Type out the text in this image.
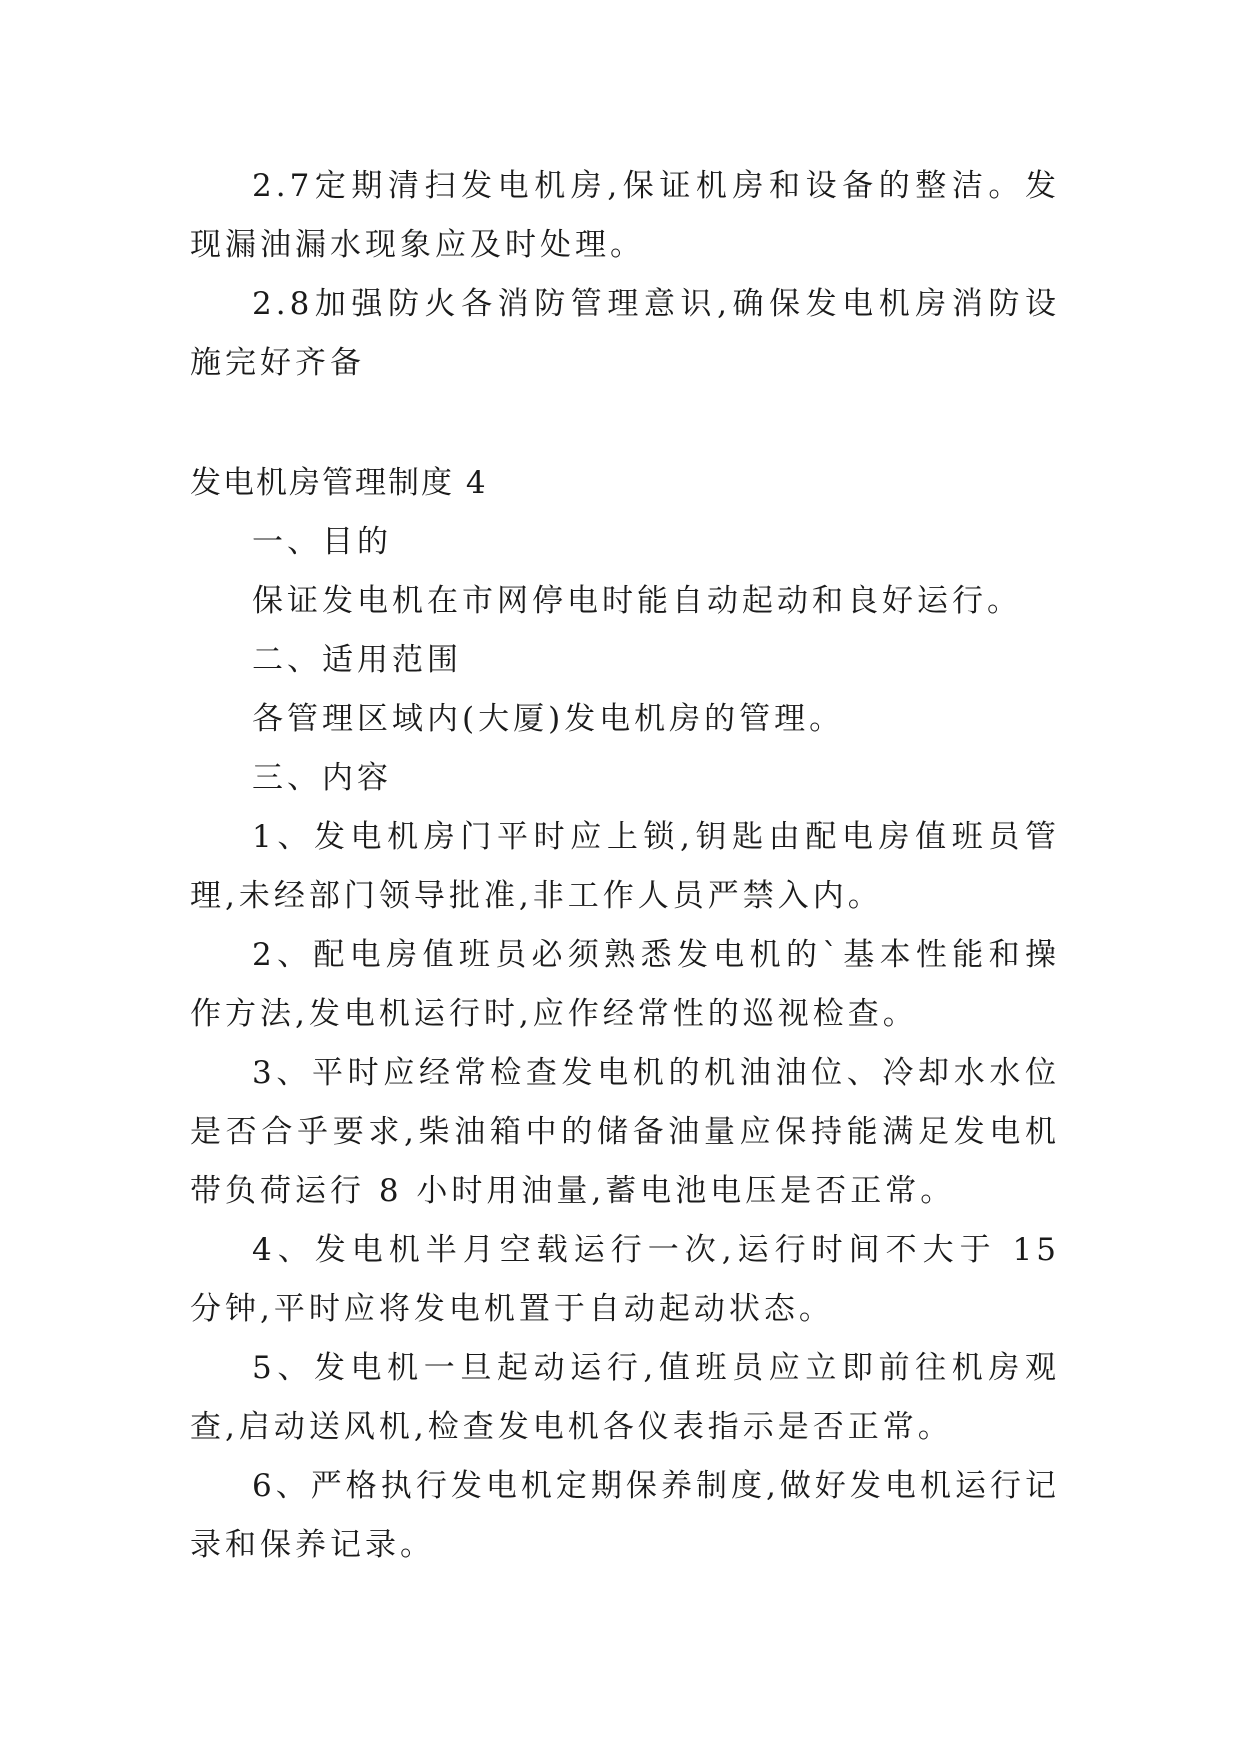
2.7定期清扫发电机房,保证机房和设备的整洁。发现漏油漏水现象应及时处理。

2.8加强防火各消防管理意识,确保发电机房消防设施完好齐备

发电机房管理制度 4

一、目的

保证发电机在市网停电时能自动起动和良好运行。

二、适用范围

各管理区域内(大厦)发电机房的管理。

三、内容

1、发电机房门平时应上锁,钥匙由配电房值班员管理,未经部门领导批准,非工作人员严禁入内。

2、配电房值班员必须熟悉发电机的`基本性能和操作方法,发电机运行时,应作经常性的巡视检查。

3、平时应经常检查发电机的机油油位、冷却水水位是否合乎要求,柴油箱中的储备油量应保持能满足发电机带负荷运行 8 小时用油量,蓄电池电压是否正常。

4、发电机半月空载运行一次,运行时间不大于 15 分钟,平时应将发电机置于自动起动状态。

5、发电机一旦起动运行,值班员应立即前往机房观查,启动送风机,检查发电机各仪表指示是否正常。

6、严格执行发电机定期保养制度,做好发电机运行记录和保养记录。
